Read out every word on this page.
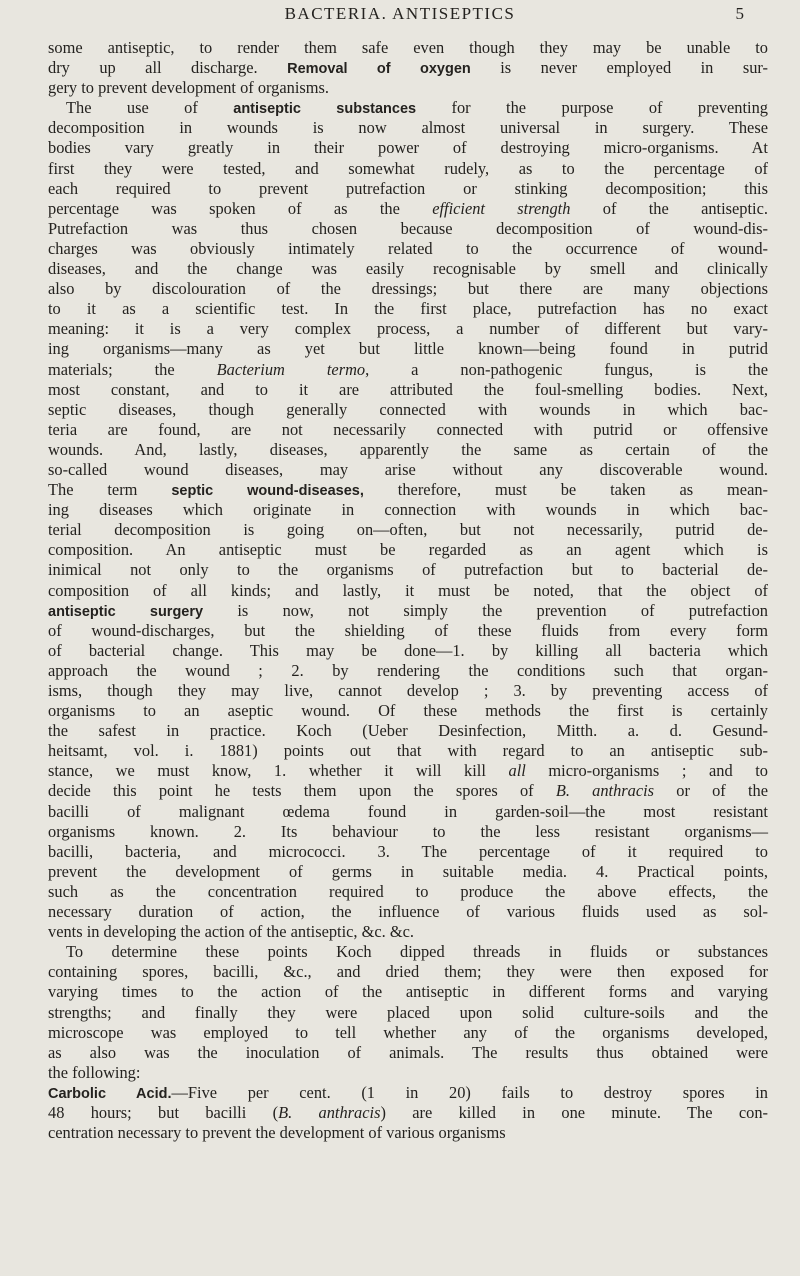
BACTERIA. ANTISEPTICS	5
some antiseptic, to render them safe even though they may be unable to
dry up all discharge. Removal of oxygen is never employed in sur-
gery to prevent development of organisms.
The use of antiseptic substances for the purpose of preventing
decomposition in wounds is now almost universal in surgery. These
bodies vary greatly in their power of destroying micro-organisms. At
first they were tested, and somewhat rudely, as to the percentage of
each required to prevent putrefaction or stinking decomposition; this
percentage was spoken of as the efficient strength of the antiseptic.
Putrefaction was thus chosen because decomposition of wound-dis-
charges was obviously intimately related to the occurrence of wound-
diseases, and the change was easily recognisable by smell and clinically
also by discolouration of the dressings; but there are many objections
to it as a scientific test. In the first place, putrefaction has no exact
meaning: it is a very complex process, a number of different but vary-
ing organisms—many as yet but little known—being found in putrid
materials; the Bacterium termo, a non-pathogenic fungus, is the
most constant, and to it are attributed the foul-smelling bodies. Next,
septic diseases, though generally connected with wounds in which bac-
teria are found, are not necessarily connected with putrid or offensive
wounds. And, lastly, diseases, apparently the same as certain of the
so-called wound diseases, may arise without any discoverable wound.
The term septic wound-diseases, therefore, must be taken as mean-
ing diseases which originate in connection with wounds in which bac-
terial decomposition is going on—often, but not necessarily, putrid de-
composition. An antiseptic must be regarded as an agent which is
inimical not only to the organisms of putrefaction but to bacterial de-
composition of all kinds; and lastly, it must be noted, that the object of
antiseptic surgery is now, not simply the prevention of putrefaction
of wound-discharges, but the shielding of these fluids from every form
of bacterial change. This may be done—1. by killing all bacteria which
approach the wound ; 2. by rendering the conditions such that organ-
isms, though they may live, cannot develop ; 3. by preventing access of
organisms to an aseptic wound. Of these methods the first is certainly
the safest in practice. Koch (Ueber Desinfection, Mitth. a. d. Gesund-
heitsamt, vol. i. 1881) points out that with regard to an antiseptic sub-
stance, we must know, 1. whether it will kill all micro-organisms ; and to
decide this point he tests them upon the spores of B. anthracis or of the
bacilli of malignant œdema found in garden-soil—the most resistant
organisms known. 2. Its behaviour to the less resistant organisms—
bacilli, bacteria, and micrococci. 3. The percentage of it required to
prevent the development of germs in suitable media. 4. Practical points,
such as the concentration required to produce the above effects, the
necessary duration of action, the influence of various fluids used as sol-
vents in developing the action of the antiseptic, &c. &c.
To determine these points Koch dipped threads in fluids or substances
containing spores, bacilli, &c., and dried them; they were then exposed for
varying times to the action of the antiseptic in different forms and varying
strengths; and finally they were placed upon solid culture-soils and the
microscope was employed to tell whether any of the organisms developed,
as also was the inoculation of animals. The results thus obtained were
the following:
Carbolic Acid.—Five per cent. (1 in 20) fails to destroy spores in
48 hours; but bacilli (B. anthracis) are killed in one minute. The con-
centration necessary to prevent the development of various organisms
